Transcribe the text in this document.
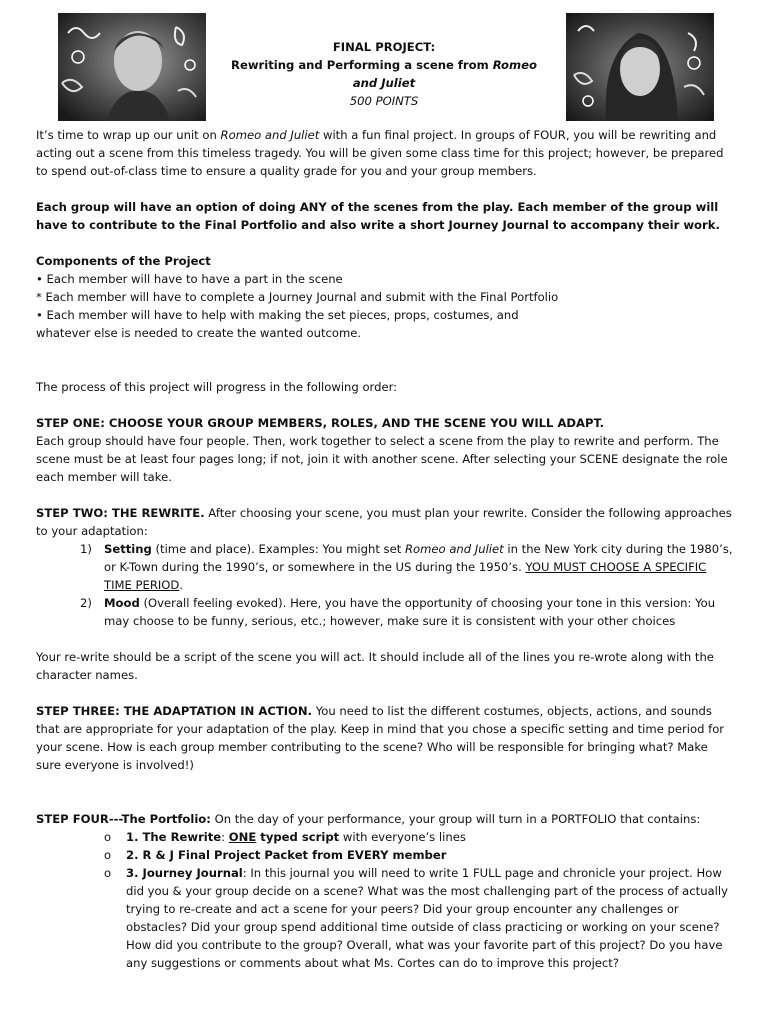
FINAL PROJECT:
Rewriting and Performing a scene from Romeo and Juliet
500 POINTS

It’s time to wrap up our unit on Romeo and Juliet with a fun final project. In groups of FOUR, you will be rewriting and acting out a scene from this timeless tragedy. You will be given some class time for this project; however, be prepared to spend out-of-class time to ensure a quality grade for you and your group members.

Each group will have an option of doing ANY of the scenes from the play. Each member of the group will have to contribute to the Final Portfolio and also write a short Journey Journal to accompany their work.

Components of the Project

• Each member will have to have a part in the scene

* Each member will have to complete a Journey Journal and submit with the Final Portfolio

• Each member will have to help with making the set pieces, props, costumes, and

whatever else is needed to create the wanted outcome.

The process of this project will progress in the following order:

STEP ONE: CHOOSE YOUR GROUP MEMBERS, ROLES, AND THE SCENE YOU WILL ADAPT.

Each group should have four people. Then, work together to select a scene from the play to rewrite and perform. The scene must be at least four pages long; if not, join it with another scene. After selecting your SCENE designate the role each member will take.

STEP TWO: THE REWRITE. After choosing your scene, you must plan your rewrite. Consider the following approaches to your adaptation:

1) Setting (time and place). Examples: You might set Romeo and Juliet in the New York city during the 1980’s, or K-Town during the 1990’s, or somewhere in the US during the 1950’s. YOU MUST CHOOSE A SPECIFIC TIME PERIOD.
2) Mood (Overall feeling evoked). Here, you have the opportunity of choosing your tone in this version: You may choose to be funny, serious, etc.; however, make sure it is consistent with your other choices

Your re-write should be a script of the scene you will act. It should include all of the lines you re-wrote along with the character names.

STEP THREE: THE ADAPTATION IN ACTION. You need to list the different costumes, objects, actions, and sounds that are appropriate for your adaptation of the play. Keep in mind that you chose a specific setting and time period for your scene. How is each group member contributing to the scene? Who will be responsible for bringing what? Make sure everyone is involved!)

STEP FOUR---The Portfolio: On the day of your performance, your group will turn in a PORTFOLIO that contains:

o 1. The Rewrite: ONE typed script with everyone’s lines
o 2. R & J Final Project Packet from EVERY member
o 3. Journey Journal: In this journal you will need to write 1 FULL page and chronicle your project. How did you & your group decide on a scene? What was the most challenging part of the process of actually trying to re-create and act a scene for your peers? Did your group encounter any challenges or obstacles? Did your group spend additional time outside of class practicing or working on your scene? How did you contribute to the group? Overall, what was your favorite part of this project? Do you have any suggestions or comments about what Ms. Cortes can do to improve this project?
